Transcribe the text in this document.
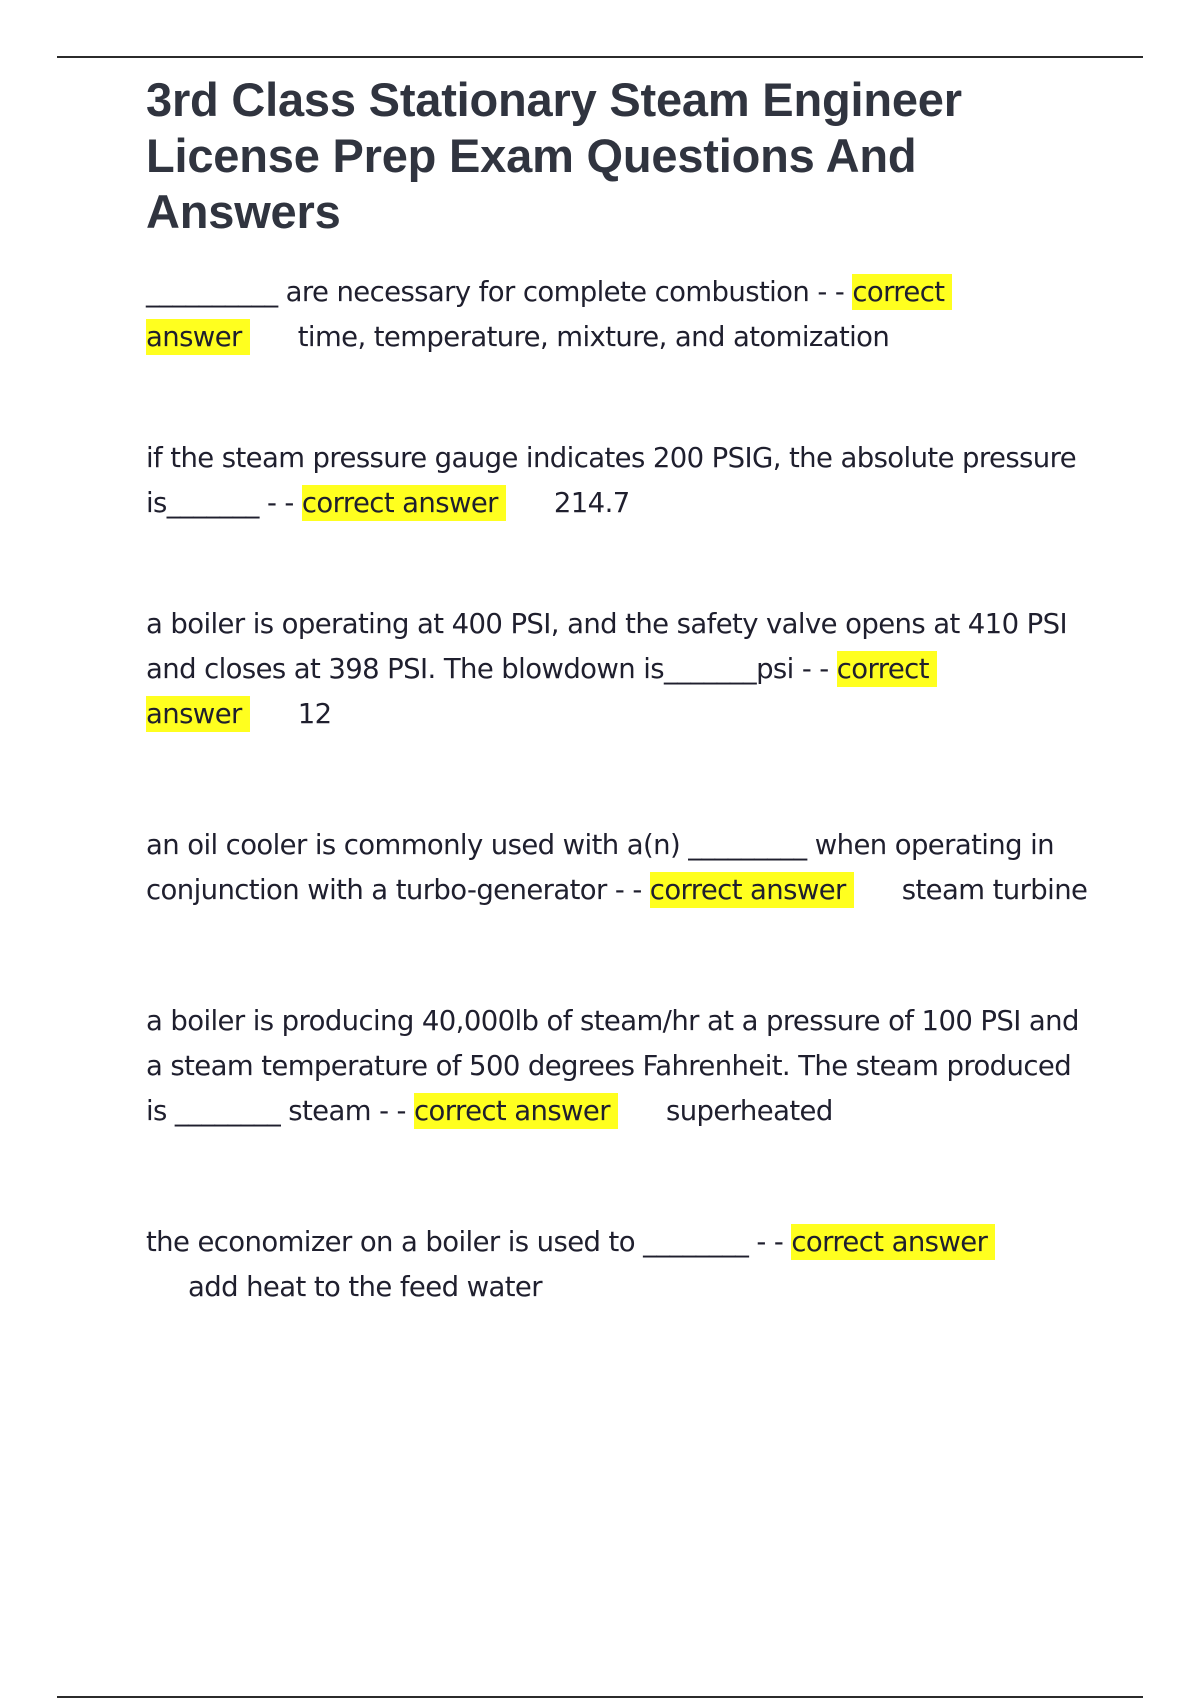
3rd Class Stationary Steam Engineer License Prep Exam Questions And Answers

__________ are necessary for complete combustion - - correct
answer time, temperature, mixture, and atomization

if the steam pressure gauge indicates 200 PSIG, the absolute pressure is_______ - - correct answer 214.7

a boiler is operating at 400 PSI, and the safety valve opens at 410 PSI and closes at 398 PSI. The blowdown is_______psi - - correct
answer 12

an oil cooler is commonly used with a(n) _________ when operating in conjunction with a turbo-generator - - correct answer steam turbine

a boiler is producing 40,000lb of steam/hr at a pressure of 100 PSI and a steam temperature of 500 degrees Fahrenheit. The steam produced is ________ steam - - correct answer superheated

the economizer on a boiler is used to ________ - - correct answer
add heat to the feed water
